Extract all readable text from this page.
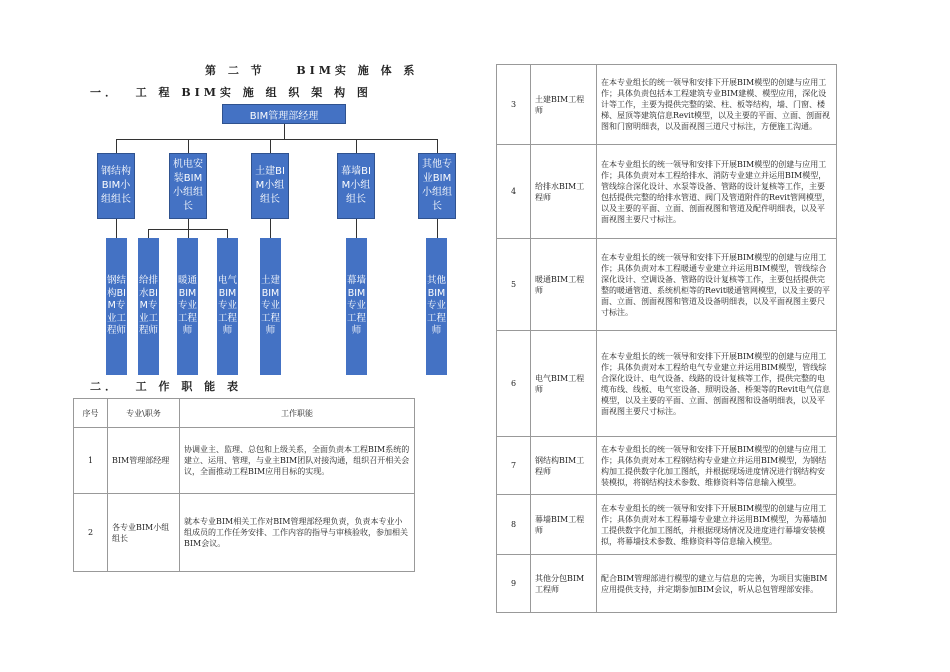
第 二 节　  BIM实 施 体 系
一．  工 程 BIM实 施 组 织 架 构 图
BIM管理部经理
钢结构BIM小组组长
机电安装BIM小组组长
土建BIM小组组长
幕墙BIM小组组长
其他专业BIM小组组长
钢结构BIM专业工程师
给排水BIM专业工程师
暖通BIM专业工程师
电气BIM专业工程师
土建BIM专业工程师
幕墙BIM专业工程师
其他BIM专业工程师
二．  工 作 职 能 表
序号	专业\职务	工作职能
1	BIM管理部经理	协调业主、监理、总包和上级关系，全面负责本工程BIM系统的建立、运用、管理，与业主BIM团队对接沟通，组织召开相关会议，全面推动工程BIM应用目标的实现。
2	各专业BIM小组组长	就本专业BIM相关工作对BIM管理部经理负责，负责本专业小组成员的工作任务安排、工作内容的指导与审核验收，参加相关BIM会议。
3	土建BIM工程师	在本专业组长的统一领导和安排下开展BIM模型的创建与应用工作；具体负责包括本工程建筑专业BIM建模、模型应用，深化设计等工作，主要为提供完整的梁、柱、板等结构，墙、门窗、楼梯、屋顶等建筑信息Revit模型，以及主要的平面、立面、剖面视图和门窗明细表，以及面视图三道尺寸标注，方便施工沟通。
4	给排水BIM工程师	在本专业组长的统一领导和安排下开展BIM模型的创建与应用工作；具体负责对本工程给排水、消防专业建立并运用BIM模型，管线综合深化设计、水泵等设备、管路的设计复核等工作，主要包括提供完整的给排水管道、阀门及管道附件的Revit管网模型，以及主要的平面、立面、剖面视图和管道及配件明细表，以及平面视图主要尺寸标注。
5	暖通BIM工程师	在本专业组长的统一领导和安排下开展BIM模型的创建与应用工作；具体负责对本工程暖通专业建立并运用BIM模型，管线综合深化设计、空调设备、管路的设计复核等工作，主要包括提供完整的暖通管道、系统机柜等的Revit暖通管网模型，以及主要的平面、立面、剖面视图和管道及设备明细表，以及平面视图主要尺寸标注。
6	电气BIM工程师	在本专业组长的统一领导和安排下开展BIM模型的创建与应用工作；具体负责对本工程给电气专业建立并运用BIM模型，管线综合深化设计、电气设备、线路的设计复核等工作，提供完整的电缆布线、线板、电气室设备、照明设备、桥架等的Revit电气信息模型，以及主要的平面、立面、剖面视图和设备明细表，以及平面视图主要尺寸标注。
7	钢结构BIM工程师	在本专业组长的统一领导和安排下开展BIM模型的创建与应用工作；具体负责对本工程钢结构专业建立并运用BIM模型，为钢结构加工提供数字化加工图纸，并根据现场进度情况进行钢结构安装模拟，将钢结构技术参数、维修资料等信息输入模型。
8	幕墙BIM工程师	在本专业组长的统一领导和安排下开展BIM模型的创建与应用工作；具体负责对本工程幕墙专业建立并运用BIM模型，为幕墙加工提供数字化加工图纸，并根据现场情况及进度进行幕墙安装模拟，将幕墙技术参数、维修资料等信息输入模型。
9	其他分包BIM工程师	配合BIM管理部进行模型的建立与信息的完善，为项目实施BIM应用提供支持，并定期参加BIM会议，听从总包管理部安排。
